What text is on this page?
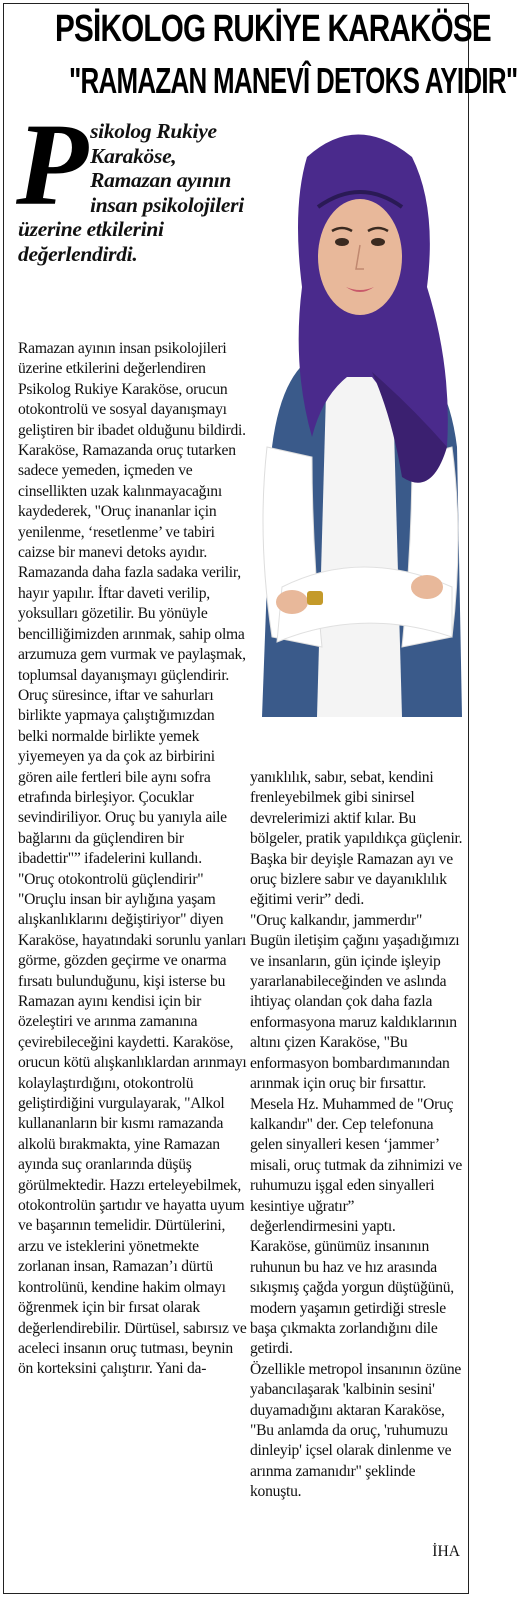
PSİKOLOG RUKİYE KARAKÖSE
"RAMAZAN MANEVÎ DETOKS AYIDIR"
P sikolog Rukiye Karaköse, Ramazan ayının insan psikolojileri üzerine etkilerini değerlendirdi.

Ramazan ayının insan psikolojileri üzerine etkilerini değerlendiren Psikolog Rukiye Karaköse, orucun otokontrolü ve sosyal dayanışmayı geliştiren bir ibadet olduğunu bildirdi. Karaköse, Ramazanda oruç tutarken sadece yemeden, içmeden ve cinsellikten uzak kalınmayacağını kaydederek, "Oruç inananlar için yenilenme, ‘resetlenme’ ve tabiri caizse bir manevi detoks ayıdır. Ramazanda daha fazla sadaka verilir, hayır yapılır. İftar daveti verilip, yoksulları gözetilir. Bu yönüyle bencilliğimizden arınmak, sahip olma arzumuza gem vurmak ve paylaşmak, toplumsal dayanışmayı güçlendirir. Oruç süresince, iftar ve sahurları birlikte yapmaya çalıştığımızdan belki normalde birlikte yemek yiyemeyen ya da çok az birbirini gören aile fertleri bile aynı sofra etrafında birleşiyor. Çocuklar sevindiriliyor. Oruç bu yanıyla aile bağlarını da güçlendiren bir ibadettir"” ifadelerini kullandı.

"Oruç otokontrolü güçlendirir"

"Oruçlu insan bir aylığına yaşam alışkanlıklarını değiştiriyor" diyen Karaköse, hayatındaki sorunlu yanları görme, gözden geçirme ve onarma fırsatı bulunduğunu, kişi isterse bu Ramazan ayını kendisi için bir özeleştiri ve arınma zamanına çevirebileceğini kaydetti. Karaköse, orucun kötü alışkanlıklardan arınmayı kolaylaştırdığını, otokontrolü geliştirdiğini vurgulayarak, "Alkol kullananların bir kısmı ramazanda alkolü bırakmakta, yine Ramazan ayında suç oranlarında düşüş görülmektedir. Hazzı erteleyebilmek, otokontrolün şartıdır ve hayatta uyum ve başarının temelidir. Dürtülerini, arzu ve isteklerini yönetmekte zorlanan insan, Ramazan’ı dürtü kontrolünü, kendine hakim olmayı öğrenmek için bir fırsat olarak değerlendirebilir. Dürtüsel, sabırsız ve aceleci insanın oruç tutması, beynin ön korteksini çalıştırır. Yani da-

yanıklılık, sabır, sebat, kendini frenleyebilmek gibi sinirsel devrelerimizi aktif kılar. Bu bölgeler, pratik yapıldıkça güçlenir. Başka bir deyişle Ramazan ayı ve oruç bizlere sabır ve dayanıklılık eğitimi verir” dedi.

"Oruç kalkandır, jammerdır"

Bugün iletişim çağını yaşadığımızı ve insanların, gün içinde işleyip yararlanabileceğinden ve aslında ihtiyaç olandan çok daha fazla enformasyona maruz kaldıklarının altını çizen Karaköse, "Bu enformasyon bombardımanından arınmak için oruç bir fırsattır. Mesela Hz. Muhammed de "Oruç kalkandır" der. Cep telefonuna gelen sinyalleri kesen ‘jammer’ misali, oruç tutmak da zihnimizi ve ruhumuzu işgal eden sinyalleri kesintiye uğratır” değerlendirmesini yaptı.

Karaköse, günümüz insanının ruhunun bu haz ve hız arasında sıkışmış çağda yorgun düştüğünü, modern yaşamın getirdiği stresle başa çıkmakta zorlandığını dile getirdi.

Özellikle metropol insanının özüne yabancılaşarak 'kalbinin sesini' duyamadığını aktaran Karaköse, "Bu anlamda da oruç, 'ruhumuzu dinleyip' içsel olarak dinlenme ve arınma zamanıdır" şeklinde konuştu.

İHA
